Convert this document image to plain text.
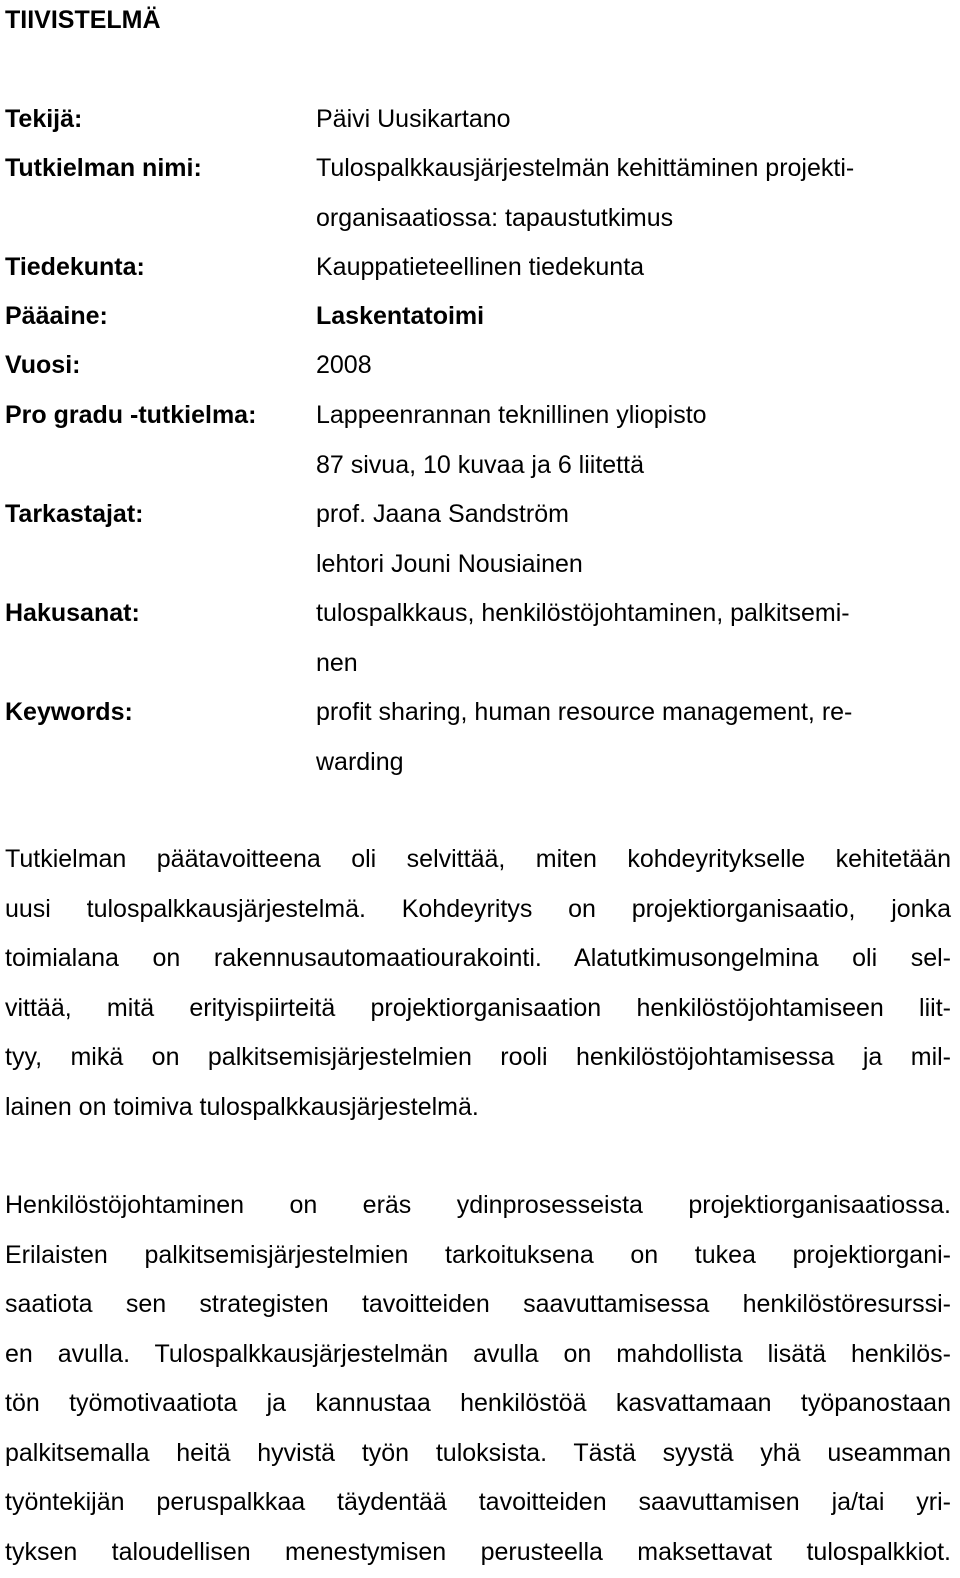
TIIVISTELMÄ
Tekijä:	Päivi Uusikartano
Tutkielman nimi:	Tulospalkkausjärjestelmän kehittäminen projekti-
organisaatiossa: tapaustutkimus
Tiedekunta:	Kauppatieteellinen tiedekunta
Pääaine:	Laskentatoimi
Vuosi:	2008
Pro gradu -tutkielma: Lappeenrannan teknillinen yliopisto
87 sivua, 10 kuvaa ja 6 liitettä
Tarkastajat:	prof. Jaana Sandström
lehtori Jouni Nousiainen
Hakusanat:	tulospalkkaus, henkilöstöjohtaminen, palkitsemi-
nen
Keywords:	profit sharing, human resource management, re-
warding

Tutkielman päätavoitteena oli selvittää, miten kohdeyritykselle kehitetään
uusi tulospalkkausjärjestelmä. Kohdeyritys on projektiorganisaatio, jonka
toimialana on rakennusautomaatiourakointi. Alatutkimusongelmina oli sel-
vittää, mitä erityispiirteitä projektiorganisaation henkilöstöjohtamiseen liit-
tyy, mikä on palkitsemisjärjestelmien rooli henkilöstöjohtamisessa ja mil-
lainen on toimiva tulospalkkausjärjestelmä.

Henkilöstöjohtaminen on eräs ydinprosesseista projektiorganisaatiossa.
Erilaisten palkitsemisjärjestelmien tarkoituksena on tukea projektiorgani-
saatiota sen strategisten tavoitteiden saavuttamisessa henkilöstöresurssi-
en avulla. Tulospalkkausjärjestelmän avulla on mahdollista lisätä henkilös-
tön työmotivaatiota ja kannustaa henkilöstöä kasvattamaan työpanostaan
palkitsemalla heitä hyvistä työn tuloksista. Tästä syystä yhä useamman
työntekijän peruspalkkaa täydentää tavoitteiden saavuttamisen ja/tai yri-
tyksen taloudellisen menestymisen perusteella maksettavat tulospalkkiot.
